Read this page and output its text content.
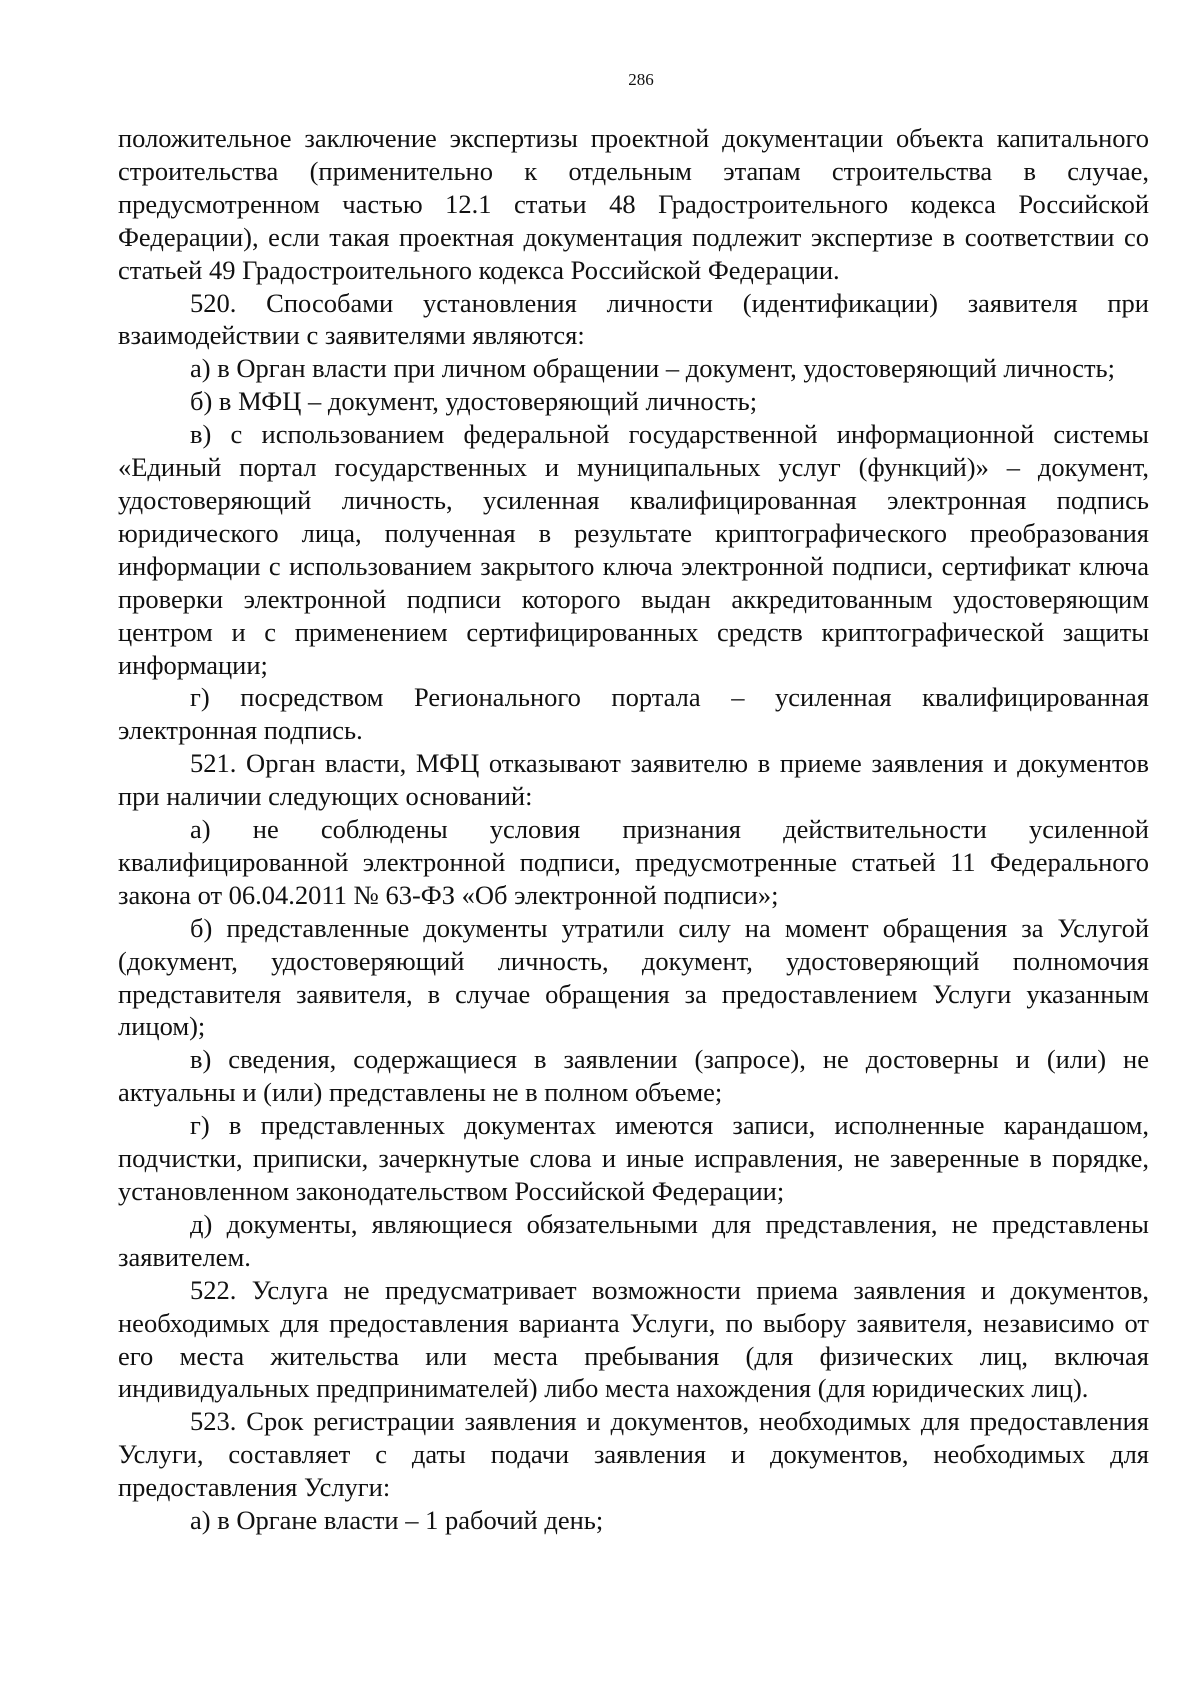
286

положительное заключение экспертизы проектной документации объекта капитального строительства (применительно к отдельным этапам строительства в случае, предусмотренном частью 12.1 статьи 48 Градостроительного кодекса Российской Федерации), если такая проектная документация подлежит экспертизе в соответствии со статьей 49 Градостроительного кодекса Российской Федерации.

520. Способами установления личности (идентификации) заявителя при взаимодействии с заявителями являются:

а) в Орган власти при личном обращении – документ, удостоверяющий личность;

б) в МФЦ – документ, удостоверяющий личность;

в) с использованием федеральной государственной информационной системы «Единый портал государственных и муниципальных услуг (функций)» – документ, удостоверяющий личность, усиленная квалифицированная электронная подпись юридического лица, полученная в результате криптографического преобразования информации с использованием закрытого ключа электронной подписи, сертификат ключа проверки электронной подписи которого выдан аккредитованным удостоверяющим центром и с применением сертифицированных средств криптографической защиты информации;

г) посредством Регионального портала – усиленная квалифицированная электронная подпись.

521. Орган власти, МФЦ отказывают заявителю в приеме заявления и документов при наличии следующих оснований:

а) не соблюдены условия признания действительности усиленной квалифицированной электронной подписи, предусмотренные статьей 11 Федерального закона от 06.04.2011 № 63-ФЗ «Об электронной подписи»;

б) представленные документы утратили силу на момент обращения за Услугой (документ, удостоверяющий личность, документ, удостоверяющий полномочия представителя заявителя, в случае обращения за предоставлением Услуги указанным лицом);

в) сведения, содержащиеся в заявлении (запросе), не достоверны и (или) не актуальны и (или) представлены не в полном объеме;

г) в представленных документах имеются записи, исполненные карандашом, подчистки, приписки, зачеркнутые слова и иные исправления, не заверенные в порядке, установленном законодательством Российской Федерации;

д) документы, являющиеся обязательными для представления, не представлены заявителем.

522. Услуга не предусматривает возможности приема заявления и документов, необходимых для предоставления варианта Услуги, по выбору заявителя, независимо от его места жительства или места пребывания (для физических лиц, включая индивидуальных предпринимателей) либо места нахождения (для юридических лиц).

523. Срок регистрации заявления и документов, необходимых для предоставления Услуги, составляет с даты подачи заявления и документов, необходимых для предоставления Услуги:

а) в Органе власти – 1 рабочий день;
